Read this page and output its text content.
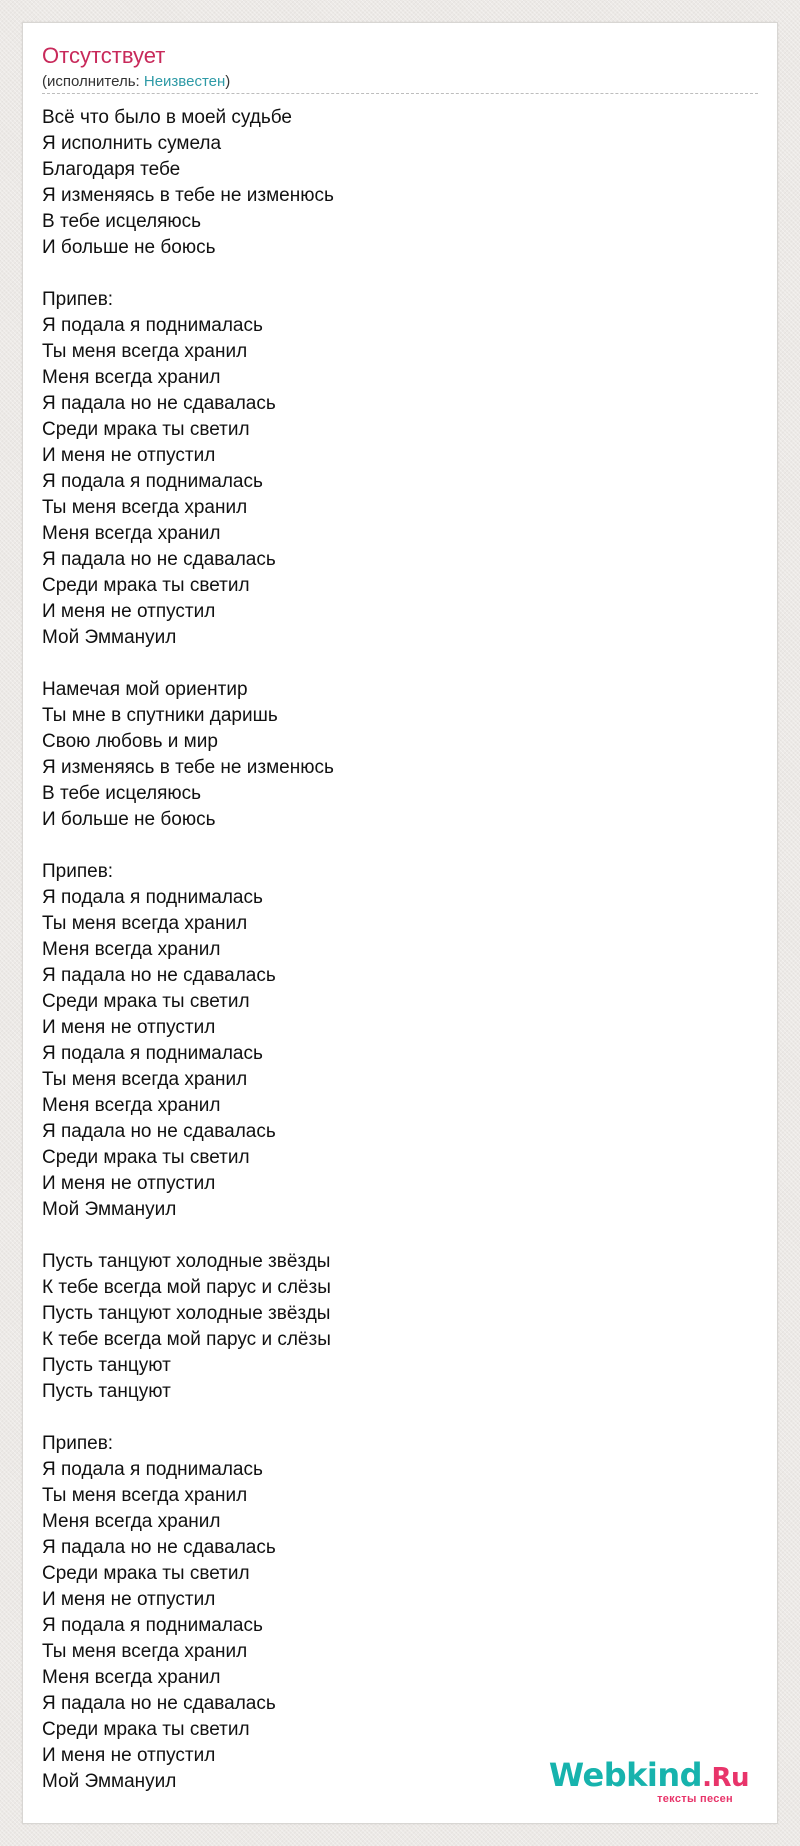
Отсутствует
(исполнитель: Неизвестен)
Всё что было в моей судьбе
Я исполнить сумела
Благодаря тебе
Я изменяясь в тебе не изменюсь
В тебе исцеляюсь
И больше не боюсь
Припев:
Я подала я поднималась
Ты меня всегда хранил
Меня всегда хранил
Я падала но не сдавалась
Среди мрака ты светил
И меня не отпустил
Я подала я поднималась
Ты меня всегда хранил
Меня всегда хранил
Я падала но не сдавалась
Среди мрака ты светил
И меня не отпустил
Мой Эммануил
Намечая мой ориентир
Ты мне в спутники даришь
Свою любовь и мир
Я изменяясь в тебе не изменюсь
В тебе исцеляюсь
И больше не боюсь
Припев:
Я подала я поднималась
Ты меня всегда хранил
Меня всегда хранил
Я падала но не сдавалась
Среди мрака ты светил
И меня не отпустил
Я подала я поднималась
Ты меня всегда хранил
Меня всегда хранил
Я падала но не сдавалась
Среди мрака ты светил
И меня не отпустил
Мой Эммануил
Пусть танцуют холодные звёзды
К тебе всегда мой парус и слёзы
Пусть танцуют холодные звёзды
К тебе всегда мой парус и слёзы
Пусть танцуют
Пусть танцуют
Припев:
Я подала я поднималась
Ты меня всегда хранил
Меня всегда хранил
Я падала но не сдавалась
Среди мрака ты светил
И меня не отпустил
Я подала я поднималась
Ты меня всегда хранил
Меня всегда хранил
Я падала но не сдавалась
Среди мрака ты светил
И меня не отпустил
Мой Эммануил	Webkind.Ru
тексты песен
